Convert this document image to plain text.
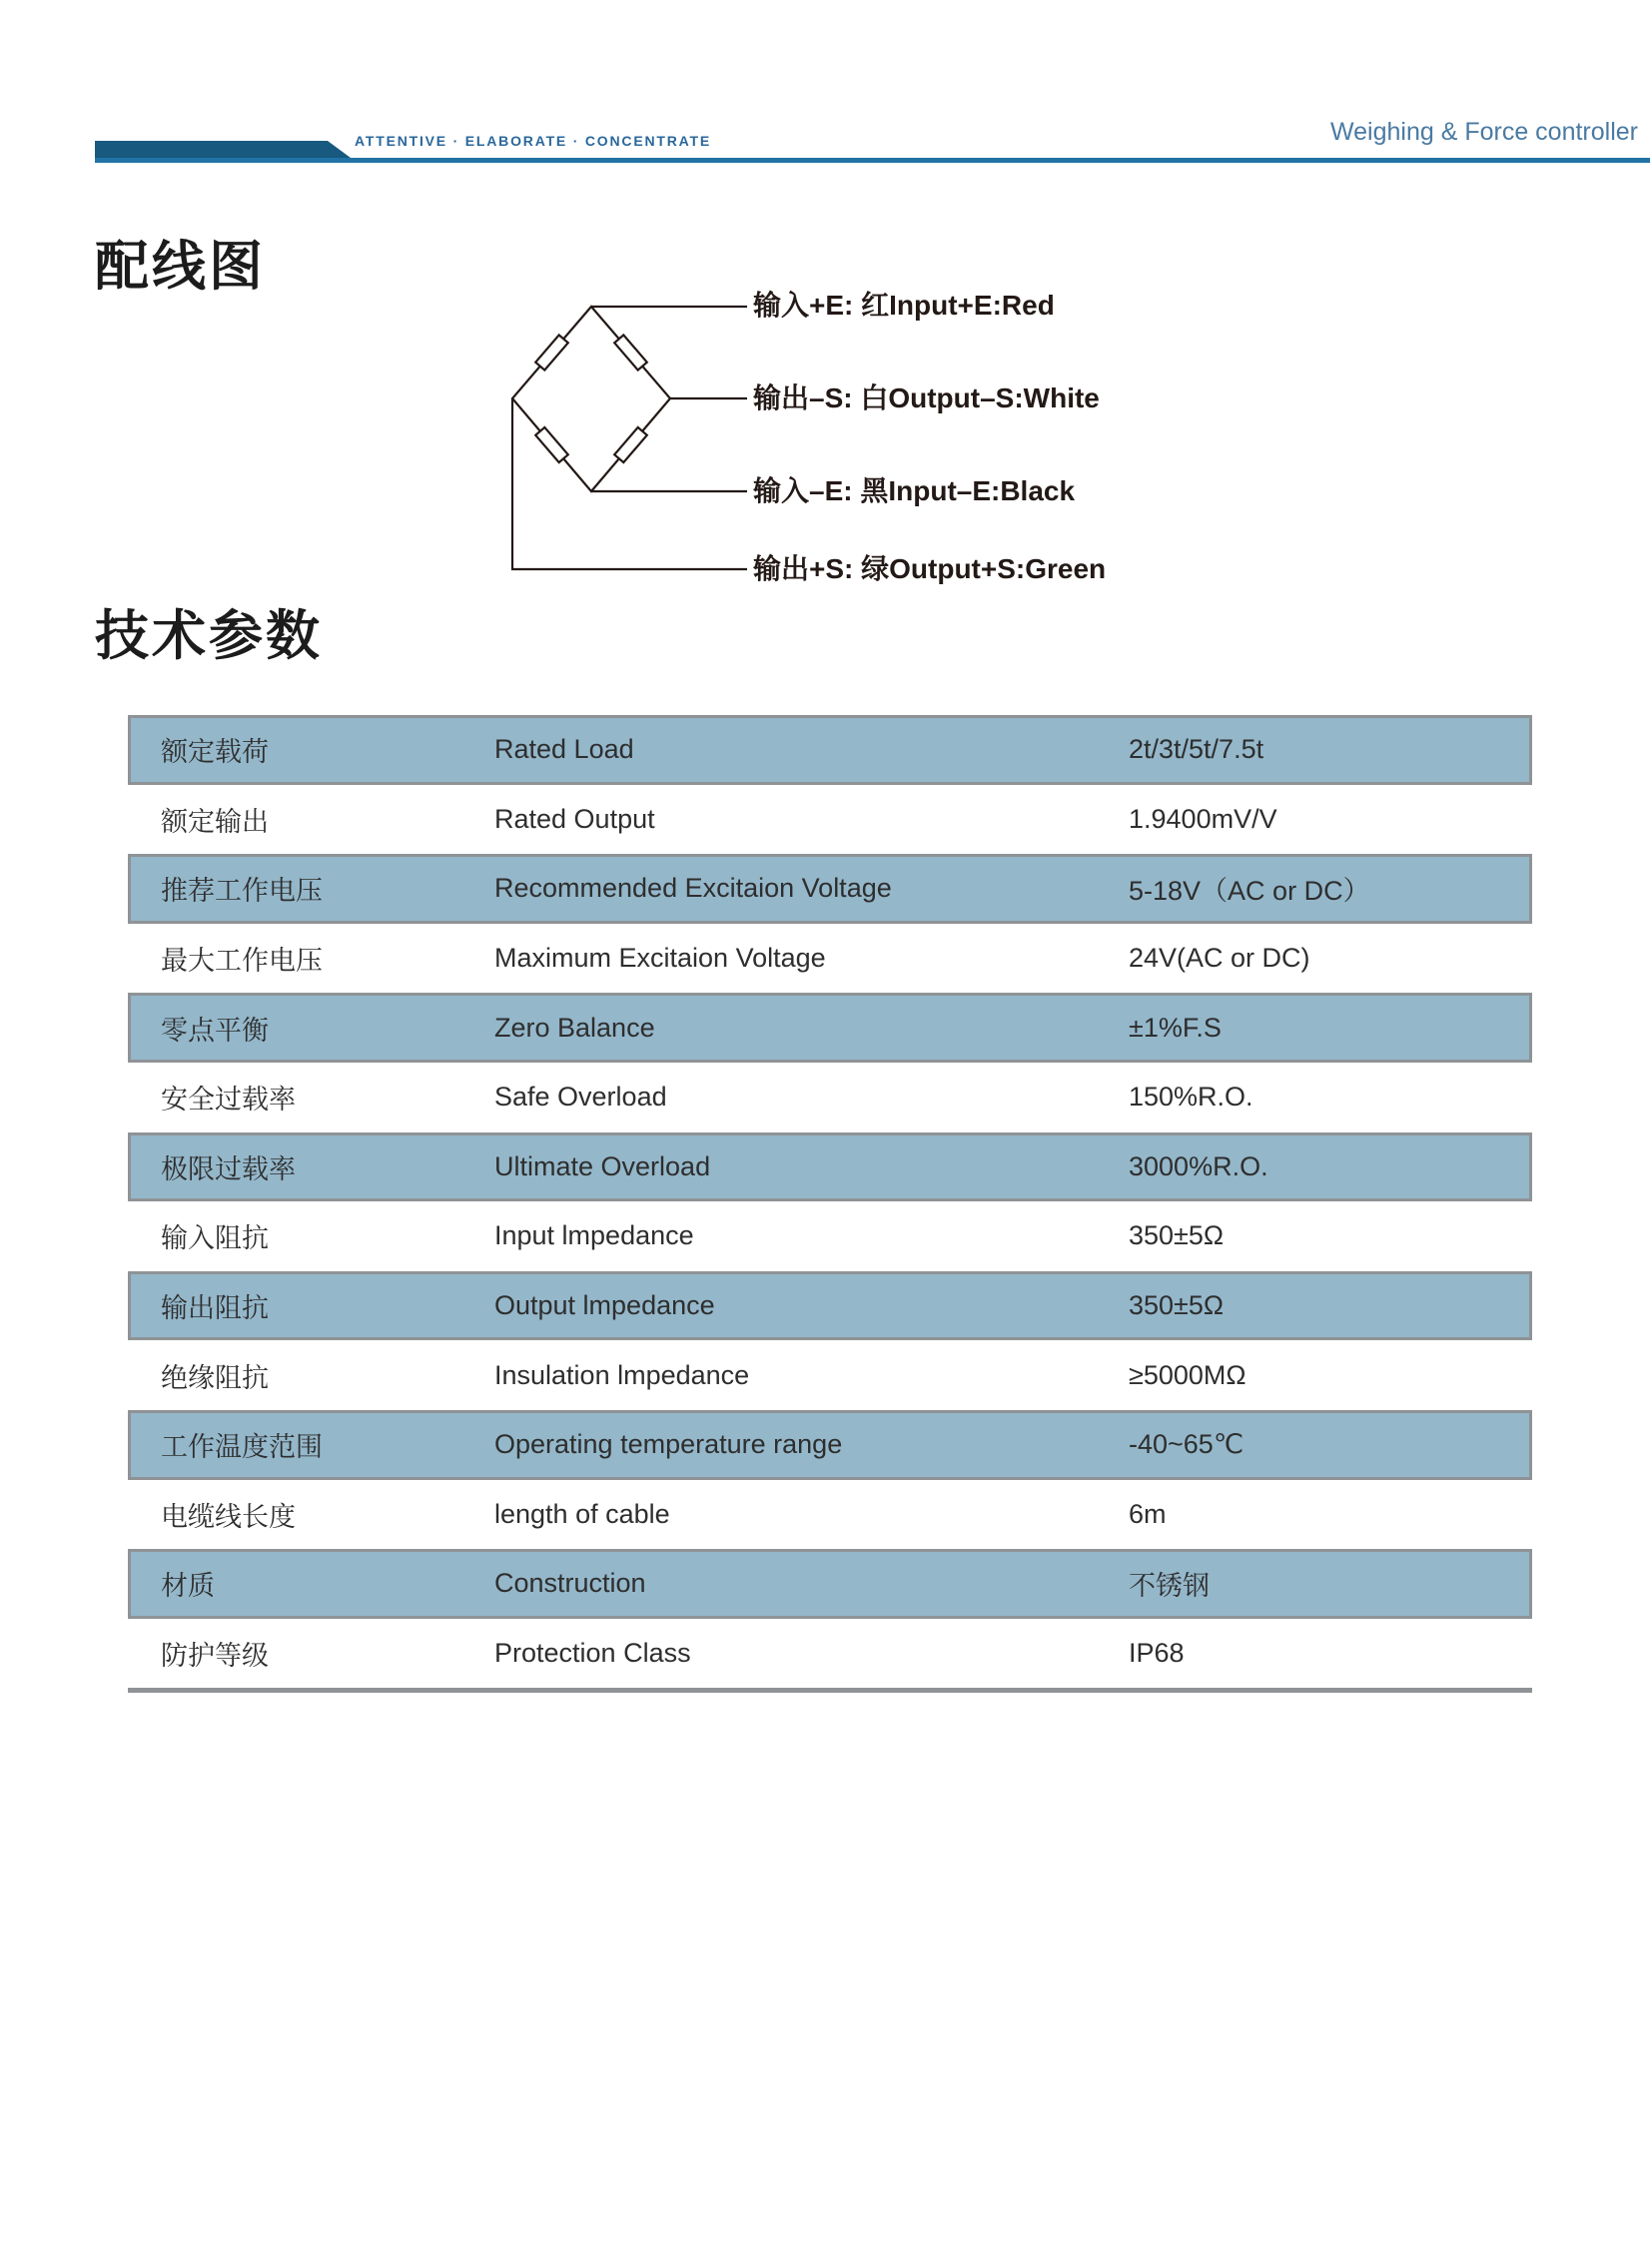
ATTENTIVE · ELABORATE · CONCENTRATE	Weighing & Force controller
配线图
输入+E: 红Input+E:Red
输出–S: 白Output–S:White
输入–E: 黑Input–E:Black
输出+S: 绿Output+S:Green
技术参数
额定载荷	Rated Load	2t/3t/5t/7.5t
额定输出	Rated Output	1.9400mV/V
推荐工作电压	Recommended Excitaion Voltage	5-18V（AC or DC）
最大工作电压	Maximum Excitaion Voltage	24V(AC or DC)
零点平衡	Zero Balance	±1%F.S
安全过载率	Safe Overload	150%R.O.
极限过载率	Ultimate Overload	3000%R.O.
输入阻抗	Input lmpedance	350±5Ω
输出阻抗	Output lmpedance	350±5Ω
绝缘阻抗	Insulation lmpedance	≥5000MΩ
工作温度范围	Operating temperature range	-40~65℃
电缆线长度	length of cable	6m
材质	Construction	不锈钢
防护等级	Protection Class	IP68
